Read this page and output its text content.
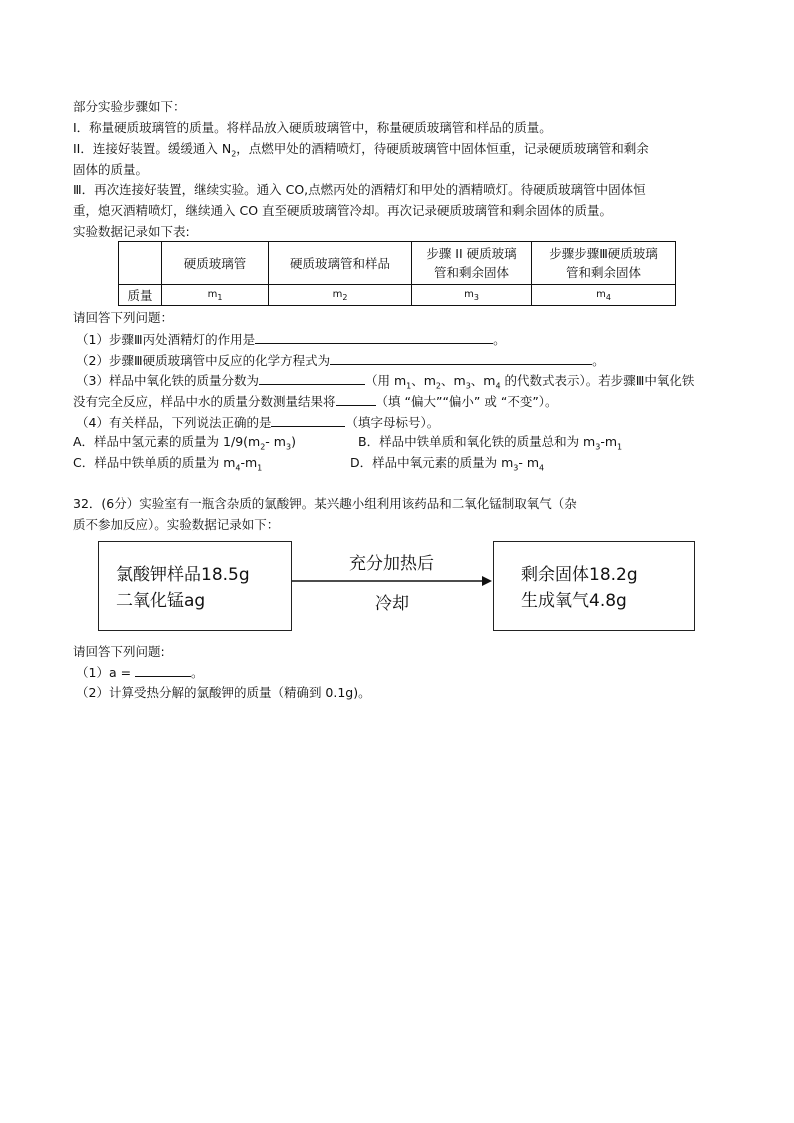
部分实验步骤如下：
Ⅰ．称量硬质玻璃管的质量。将样品放入硬质玻璃管中，称量硬质玻璃管和样品的质量。
II．连接好装置。缓缓通入 $N_2$，点燃甲处的酒精喷灯，待硬质玻璃管中固体恒重，记录硬质玻璃管和剩余
固体的质量。
Ⅲ．再次连接好装置，继续实验。通入 CO,点燃丙处的酒精灯和甲处的酒精喷灯。待硬质玻璃管中固体恒
重，熄灭酒精喷灯，继续通入 CO 直至硬质玻璃管冷却。再次记录硬质玻璃管和剩余固体的质量。
实验数据记录如下表:
	硬质玻璃管	硬质玻璃管和样品	步骤 II 硬质玻璃
管和剩余固体	步骤步骤Ⅲ硬质玻璃
管和剩余固体
质量	$m_1$	$m_2$	$m_3$	$m_4$
请回答下列问题：
（1）步骤Ⅲ丙处酒精灯的作用是	。
（2）步骤Ⅲ硬质玻璃管中反应的化学方程式为	。
（3）样品中氧化铁的质量分数为	（用 $m_1$、$m_2$、$m_3$、$m_4$ 的代数式表示）。若步骤Ⅲ中氧化铁
没有完全反应，样品中水的质量分数测量结果将	（填 “偏大”“偏小” 或 “不变”）。
（4）有关样品，下列说法正确的是	（填字母标号）。
A．样品中氢元素的质量为 $1/9(m_2-$ $m_3$)	B．样品中铁单质和氧化铁的质量总和为 $m_3-m_1$
C．样品中铁单质的质量为 $m_4-m_1$	D．样品中氧元素的质量为 $m_3-$ $m_4$
32．(6分）实验室有一瓶含杂质的氯酸钾。某兴趣小组利用该药品和二氧化锰制取氧气（杂
质不参加反应）。实验数据记录如下：
氯酸钾样品18.5g
二氧化锰ag
充分加热后
冷却
剩余固体18.2g
生成氧气4.8g
请回答下列问题:
（1）a =	。
（2）计算受热分解的氯酸钾的质量（精确到 0.1g)。
